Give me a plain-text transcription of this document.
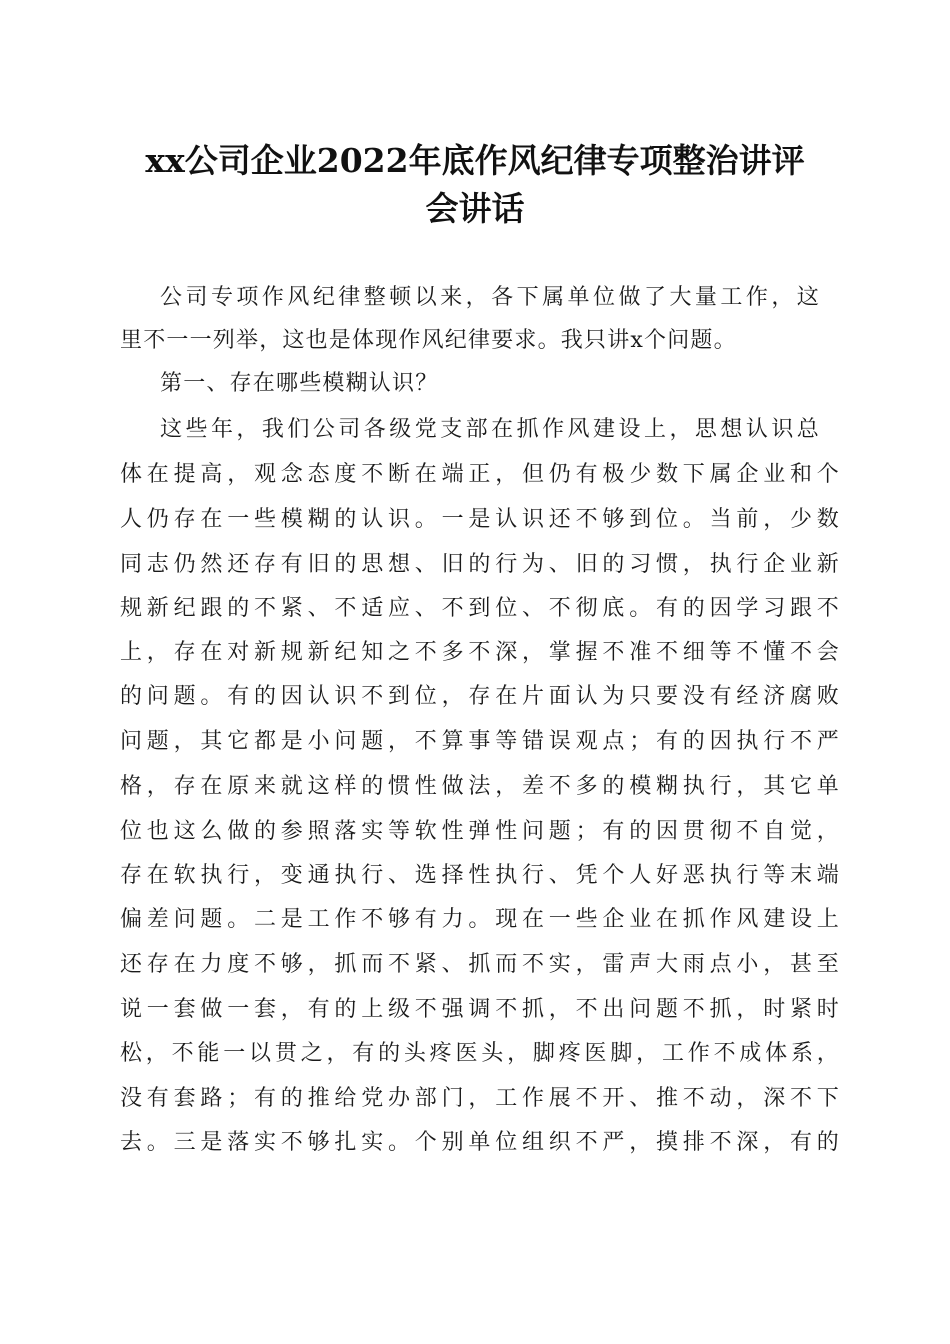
xx公司企业2022年底作风纪律专项整治讲评
会讲话

公司专项作风纪律整顿以来，各下属单位做了大量工作，这

里不一一列举，这也是体现作风纪律要求。我只讲x个问题。

第一、存在哪些模糊认识？

这些年，我们公司各级党支部在抓作风建设上，思想认识总

体在提高，观念态度不断在端正，但仍有极少数下属企业和个

人仍存在一些模糊的认识。一是认识还不够到位。当前，少数

同志仍然还存有旧的思想、旧的行为、旧的习惯，执行企业新

规新纪跟的不紧、不适应、不到位、不彻底。有的因学习跟不

上，存在对新规新纪知之不多不深，掌握不准不细等不懂不会

的问题。有的因认识不到位，存在片面认为只要没有经济腐败

问题，其它都是小问题，不算事等错误观点；有的因执行不严

格，存在原来就这样的惯性做法，差不多的模糊执行，其它单

位也这么做的参照落实等软性弹性问题；有的因贯彻不自觉，

存在软执行，变通执行、选择性执行、凭个人好恶执行等末端

偏差问题。二是工作不够有力。现在一些企业在抓作风建设上

还存在力度不够，抓而不紧、抓而不实，雷声大雨点小，甚至

说一套做一套，有的上级不强调不抓，不出问题不抓，时紧时

松，不能一以贯之，有的头疼医头，脚疼医脚，工作不成体系，

没有套路；有的推给党办部门，工作展不开、推不动，深不下

去。三是落实不够扎实。个别单位组织不严，摸排不深，有的
